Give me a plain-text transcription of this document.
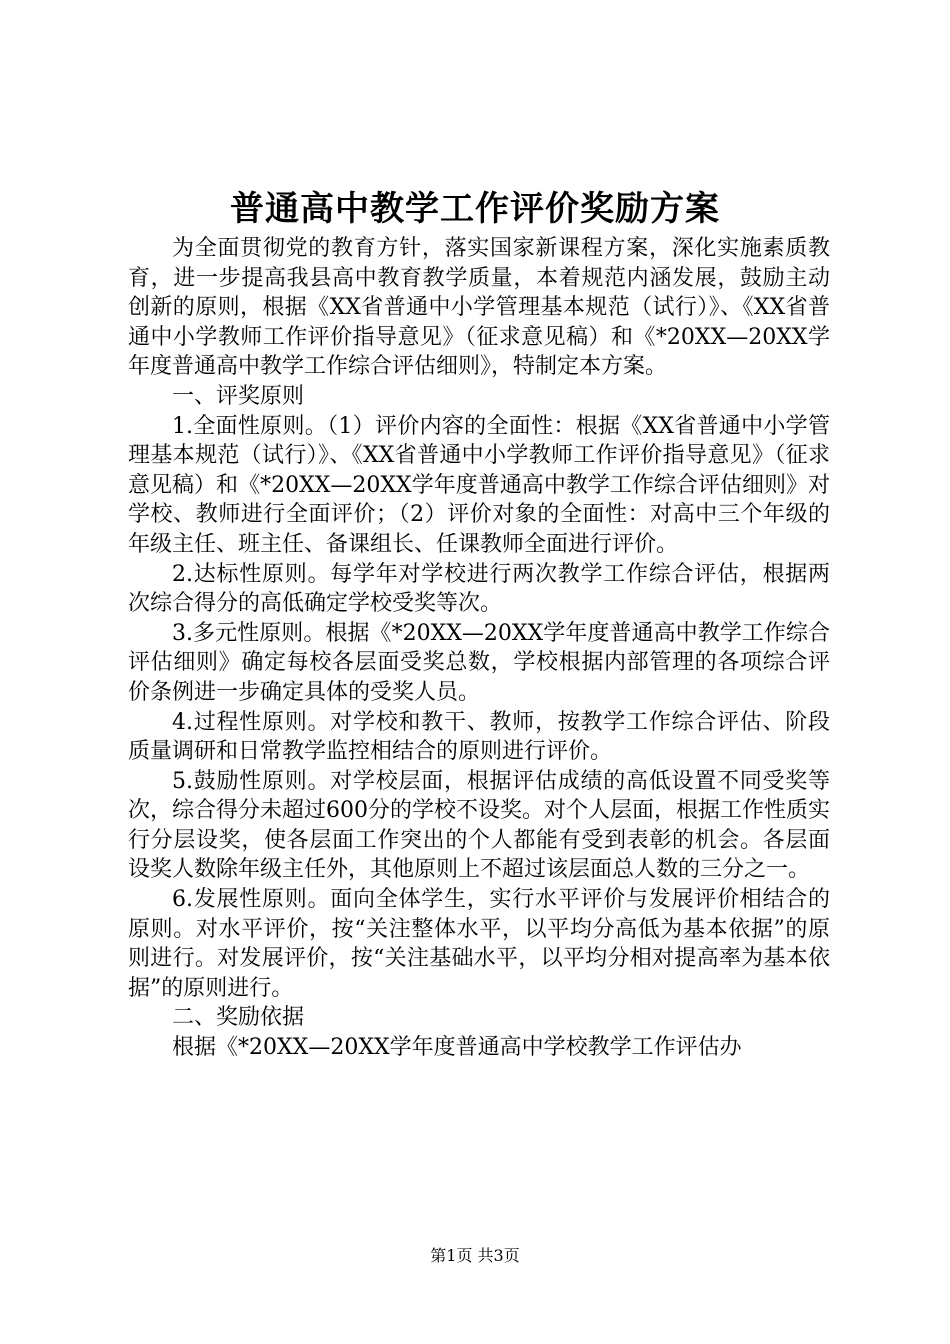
普通高中教学工作评价奖励方案

为全面贯彻党的教育方针，落实国家新课程方案，深化实施素质教育，进一步提高我县高中教育教学质量，本着规范内涵发展，鼓励主动创新的原则，根据《XX省普通中小学管理基本规范（试行）》、《XX省普通中小学教师工作评价指导意见》（征求意见稿）和《*20XX—20XX学年度普通高中教学工作综合评估细则》，特制定本方案。

一、评奖原则

1.全面性原则。（1）评价内容的全面性：根据《XX省普通中小学管理基本规范（试行）》、《XX省普通中小学教师工作评价指导意见》（征求意见稿）和《*20XX—20XX学年度普通高中教学工作综合评估细则》对学校、教师进行全面评价；（2）评价对象的全面性：对高中三个年级的年级主任、班主任、备课组长、任课教师全面进行评价。

2.达标性原则。每学年对学校进行两次教学工作综合评估，根据两次综合得分的高低确定学校受奖等次。

3.多元性原则。根据《*20XX—20XX学年度普通高中教学工作综合评估细则》确定每校各层面受奖总数，学校根据内部管理的各项综合评价条例进一步确定具体的受奖人员。

4.过程性原则。对学校和教干、教师，按教学工作综合评估、阶段质量调研和日常教学监控相结合的原则进行评价。

5.鼓励性原则。对学校层面，根据评估成绩的高低设置不同受奖等次，综合得分未超过600分的学校不设奖。对个人层面，根据工作性质实行分层设奖，使各层面工作突出的个人都能有受到表彰的机会。各层面设奖人数除年级主任外，其他原则上不超过该层面总人数的三分之一。

6.发展性原则。面向全体学生，实行水平评价与发展评价相结合的原则。对水平评价，按“关注整体水平，以平均分高低为基本依据”的原则进行。对发展评价，按“关注基础水平，以平均分相对提高率为基本依据”的原则进行。

二、奖励依据

根据《*20XX—20XX学年度普通高中学校教学工作评估办

第1页 共3页
